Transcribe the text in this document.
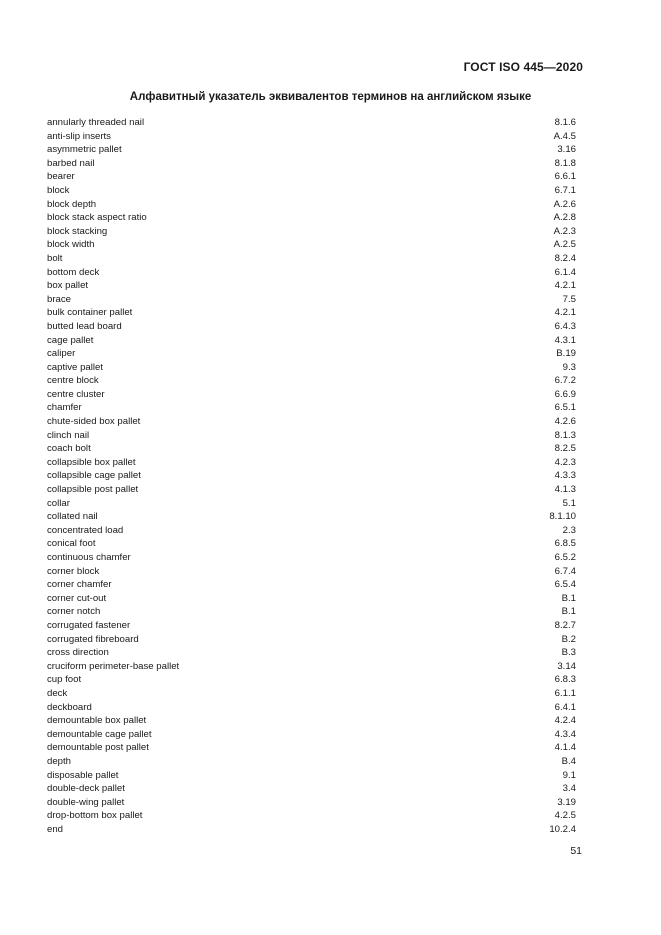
ГОСТ ISO 445—2020
Алфавитный указатель эквивалентов терминов на английском языке
annularly threaded nail	8.1.6
anti-slip inserts	A.4.5
asymmetric pallet	3.16
barbed nail	8.1.8
bearer	6.6.1
block	6.7.1
block depth	A.2.6
block stack aspect ratio	A.2.8
block stacking	A.2.3
block width	A.2.5
bolt	8.2.4
bottom deck	6.1.4
box pallet	4.2.1
brace	7.5
bulk container pallet	4.2.1
butted lead board	6.4.3
cage pallet	4.3.1
caliper	B.19
captive pallet	9.3
centre block	6.7.2
centre cluster	6.6.9
chamfer	6.5.1
chute-sided box pallet	4.2.6
clinch nail	8.1.3
coach bolt	8.2.5
collapsible box pallet	4.2.3
collapsible cage pallet	4.3.3
collapsible post pallet	4.1.3
collar	5.1
collated nail	8.1.10
concentrated load	2.3
conical foot	6.8.5
continuous chamfer	6.5.2
corner block	6.7.4
corner chamfer	6.5.4
corner cut-out	B.1
corner notch	B.1
corrugated fastener	8.2.7
corrugated fibreboard	B.2
cross direction	B.3
cruciform perimeter-base pallet	3.14
cup foot	6.8.3
deck	6.1.1
deckboard	6.4.1
demountable box pallet	4.2.4
demountable cage pallet	4.3.4
demountable post pallet	4.1.4
depth	B.4
disposable pallet	9.1
double-deck pallet	3.4
double-wing pallet	3.19
drop-bottom box pallet	4.2.5
end	10.2.4
51
